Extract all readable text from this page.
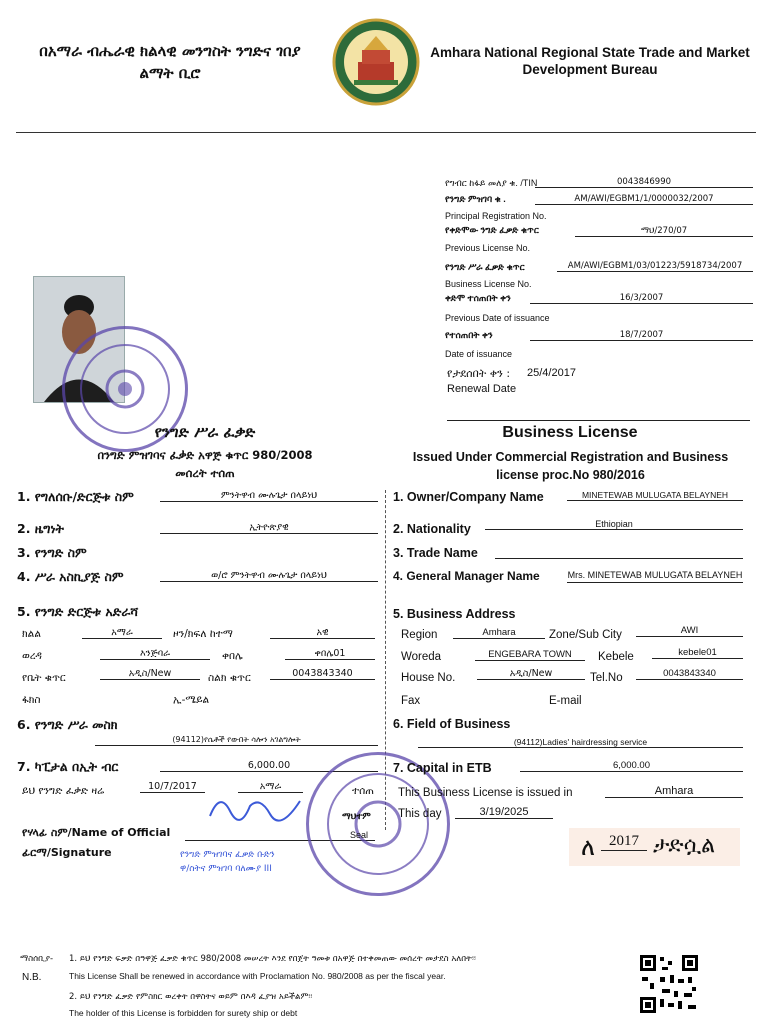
በአማራ ብሔራዊ ክልላዊ መንግስት ንግድና ገበያ ልማት ቢሮ
Amhara National Regional State Trade and Market Development Bureau
የግብር ከፋይ መለያ ቁ. /TIN	0043846990
የንግድ ምዝገባ ቁ .	AM/AWI/EGBM1/1/0000032/2007
Principal Registration No.
የቀድሞው ንግድ ፈቃድ ቁጥር	ማህ/270/07
Previous License No.
የንግድ ሥራ ፈቃድ ቁጥር	AM/AWI/EGBM1/03/01223/5918734/2007
Business License No.
ቀድሞ ተሰጠበት ቀን	16/3/2007
Previous Date of issuance
የተሰጠበት ቀን	18/7/2007
Date of issuance
የታደሰበት ቀን : 25/4/2017
Renewal Date
የንግድ ሥራ ፈቃድ
በንግድ ምዝገባና ፈቃድ አዋጅ ቁጥር 980/2008
መሰረት ተሰጠ
Business License
Issued Under Commercial Registration and Business license proc.No 980/2016
1. የግለሰቡ/ድርጅቱ ስም	ምንትዋብ ሙሉጌታ በላይነህ
2. ዜግነት	ኢትዮጵያዊ
3. የንግድ ስም
4. ሥራ አስኪያጅ ስም	ወ/ሮ ምንትዋብ ሙሉጌታ በላይነህ
5. የንግድ ድርጅቱ አድራሻ
ክልል	አማራ	ዞን/ክፍለ ከተማ	አዊ
ወረዳ	እንጅባራ	ቀበሌ	ቀበሌ01
የቤት ቁጥር	አዲስ/New	ስልክ ቁጥር	0043843340
ፋክስ	ኢ-ሜይል
6. የንግድ ሥራ መስክ
(94112)የሴቶች የውበት ሳሎን አገልግሎት
7. ካፒታል በኢት ብር	6,000.00
ይህ የንግድ ፈቃድ ዛሬ	10/7/2017	አማራ	ተሰጠ
የሃላፊ ስም/Name of Official
ፊርማ/Signature	የንግድ ምዝገባና ፈቃድ ቡድን
ዋ/ስትና ምዝገባ ባለሙያ III
ማህተም
Seal
1. Owner/Company Name	MINETEWAB MULUGATA BELAYNEH
2. Nationality	Ethiopian
3. Trade Name
4. General Manager Name	Mrs. MINETEWAB MULUGATA BELAYNEH
5. Business Address
Region	Amhara	Zone/Sub City	AWI
Woreda	ENGEBARA TOWN	Kebele	kebele01
House No.	አዲስ/New	Tel.No	0043843340
Fax	E-mail
6. Field of Business
(94112)Ladies' hairdressing service
7. Capital in ETB	6,000.00
This Business License is issued in	Amhara
This day	3/19/2025
ለ 2017 ታድሷል
ማስሰቢያ-
N.B.
1. ይህ የንግድ ፍቃድ በዓዋጅ ፈቃድ ቁጥር 980/2008 መሠረት እንደ የበጀት ዓመቱ በአዋጅ በተቀመጠው መሰረት መታደስ አለበት፡፡
This License Shall be renewed in accordance with Proclamation No. 980/2008 as per the fiscal year.
2. ይህ የንግድ ፈቃድ የምስክር ወረቀት በዋስትና ወይም በእዳ ፈያዝ አይችልም፡፡
The holder of this License is forbidden for surety ship or debt
